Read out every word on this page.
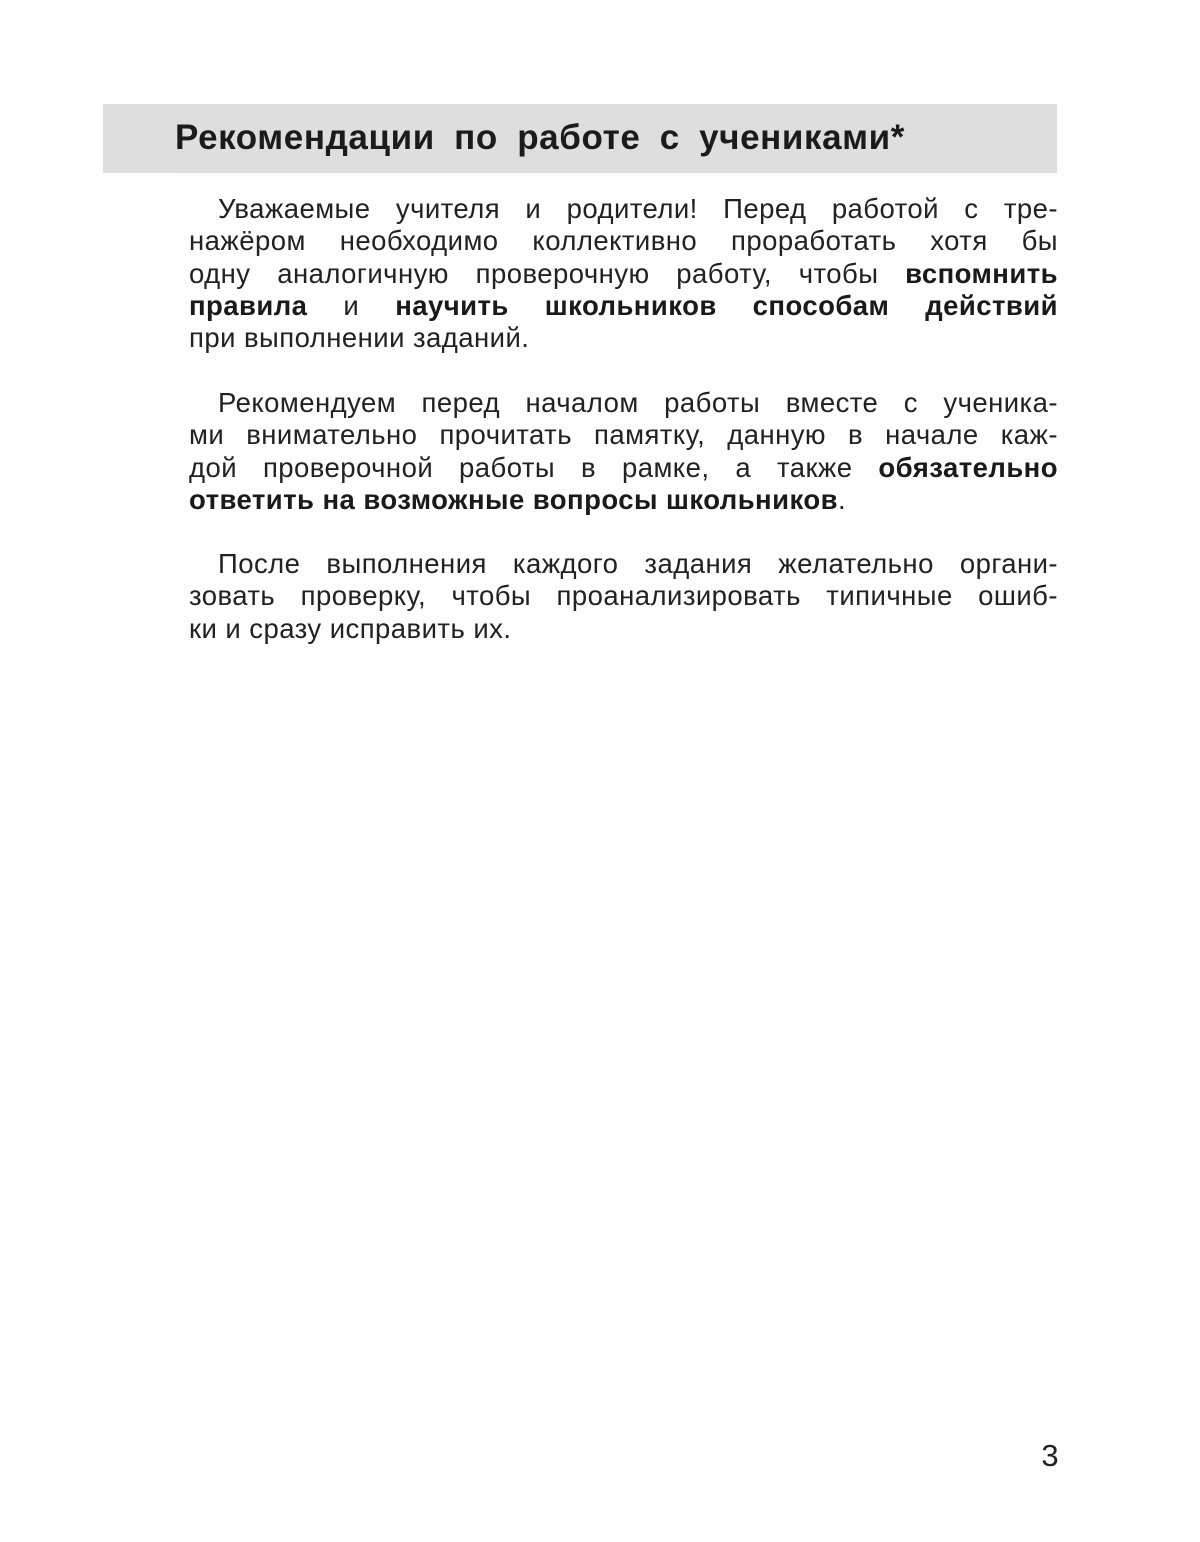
Рекомендации по работе с учениками*
Уважаемые учителя и родители! Перед работой с тре-
нажёром необходимо коллективно проработать хотя бы
одну аналогичную проверочную работу, чтобы вспомнить
правила и научить школьников способам действий
при выполнении заданий.
Рекомендуем перед началом работы вместе с ученика-
ми внимательно прочитать памятку, данную в начале каж-
дой проверочной работы в рамке, а также обязательно
ответить на возможные вопросы школьников.
После выполнения каждого задания желательно органи-
зовать проверку, чтобы проанализировать типичные ошиб-
ки и сразу исправить их.

3
